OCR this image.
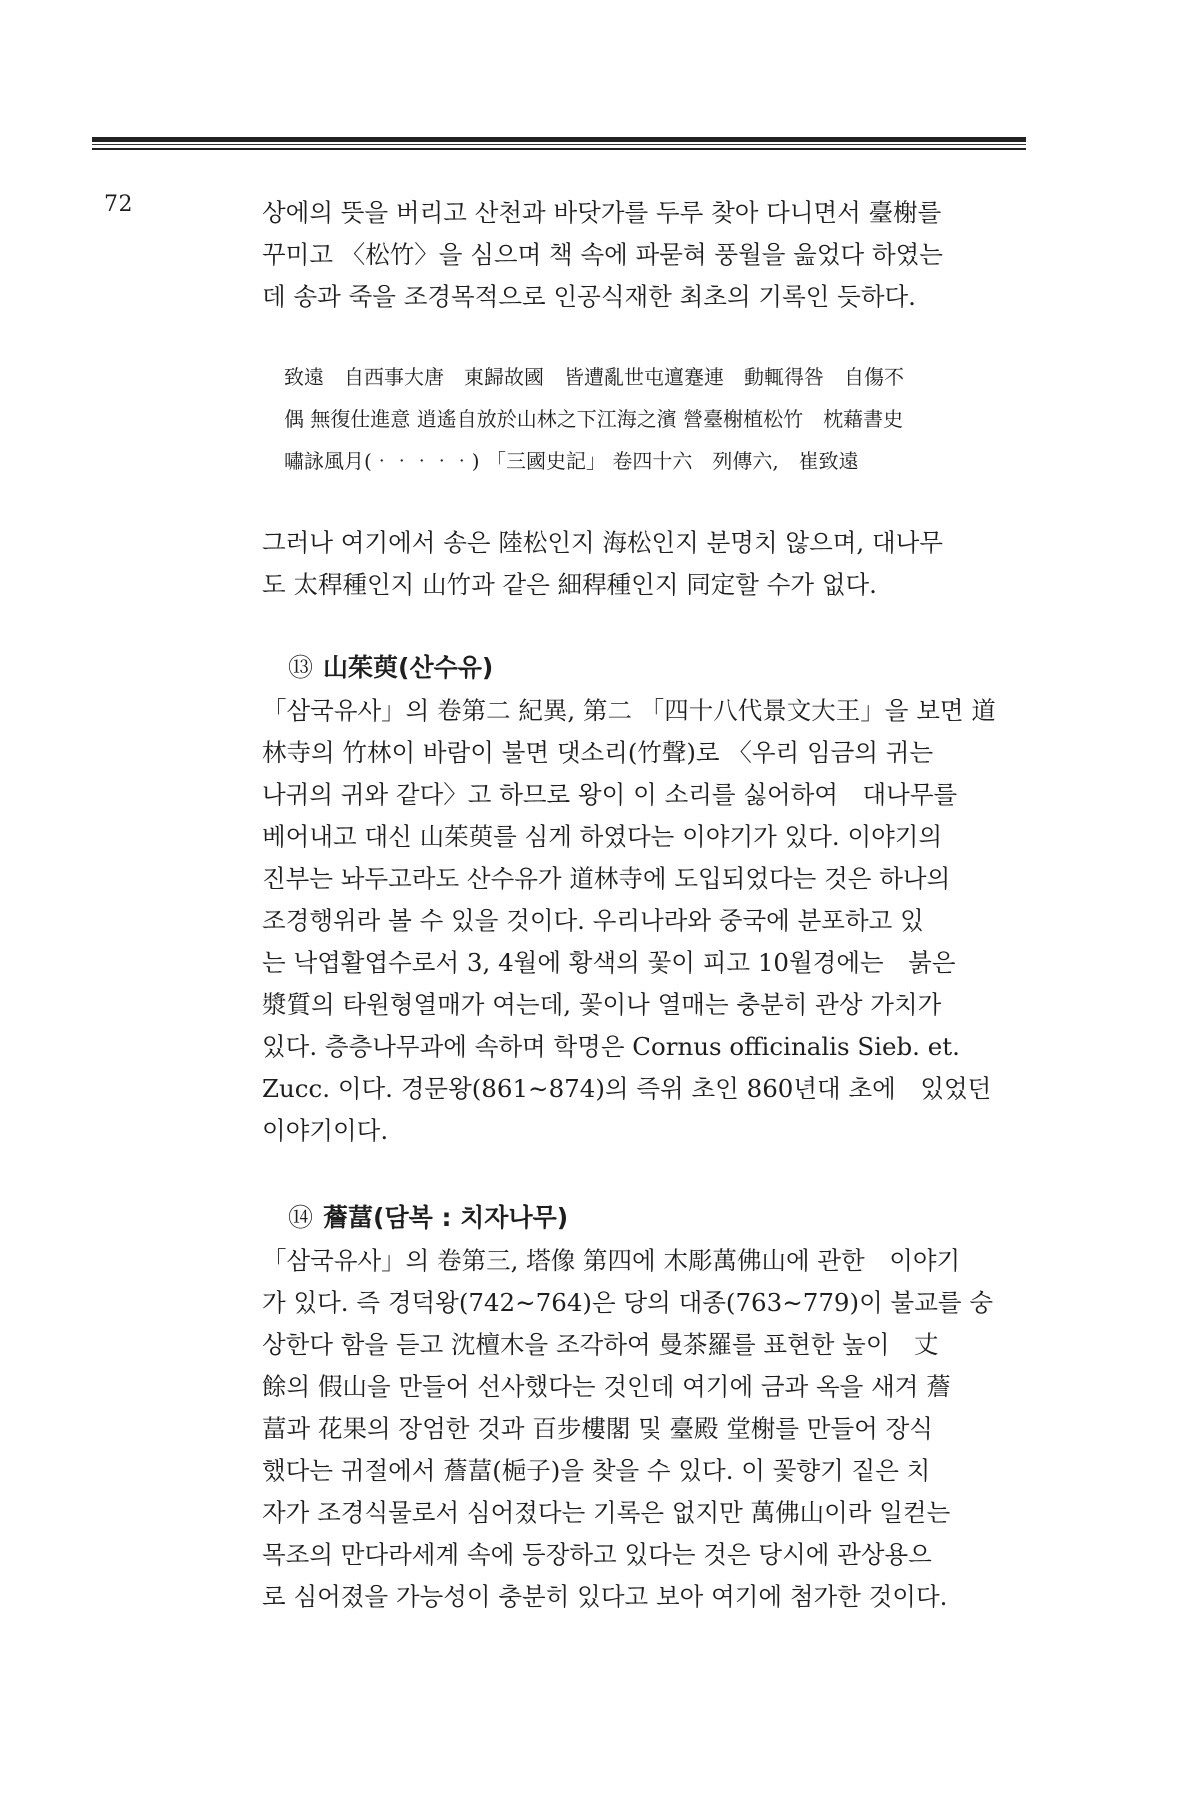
72	상에의 뜻을 버리고 산천과 바닷가를 두루 찾아 다니면서 臺榭를
꾸미고 〈松竹〉을 심으며 책 속에 파묻혀 풍월을 읊었다 하였는
데 송과 죽을 조경목적으로 인공식재한 최초의 기록인 듯하다.

致遠　自西事大唐　東歸故國　皆遭亂世屯邅蹇連　動輒得咎　自傷不
偶 無復仕進意 逍遙自放於山林之下江海之濱 營臺榭植松竹　枕藉書史
嘯詠風月(‧‧‧‧‧) 「三國史記」 卷四十六　列傳六,　崔致遠

그러나 여기에서 송은 陸松인지 海松인지 분명치 않으며, 대나무
도 太稈種인지 山竹과 같은 細稈種인지 同定할 수가 없다.

⑬ 山茱萸(산수유)

「삼국유사」의 卷第二 紀異, 第二 「四十八代景文大王」을 보면 道
林寺의 竹林이 바람이 불면 댓소리(竹聲)로 〈우리 임금의 귀는
나귀의 귀와 같다〉고 하므로 왕이 이 소리를 싫어하여　대나무를
베어내고 대신 山茱萸를 심게 하였다는 이야기가 있다. 이야기의
진부는 놔두고라도 산수유가 道林寺에 도입되었다는 것은 하나의
조경행위라 볼 수 있을 것이다. 우리나라와 중국에 분포하고 있
는 낙엽활엽수로서 3, 4월에 황색의 꽃이 피고 10월경에는　붉은
漿質의 타원형열매가 여는데, 꽃이나 열매는 충분히 관상 가치가
있다. 층층나무과에 속하며 학명은 Cornus officinalis Sieb. et.
Zucc. 이다. 경문왕(861∼874)의 즉위 초인 860년대 초에　있었던
이야기이다.

⑭ 薝葍(담복 : 치자나무)

「삼국유사」의 卷第三, 塔像 第四에 木彫萬佛山에 관한　이야기
가 있다. 즉 경덕왕(742∼764)은 당의 대종(763∼779)이 불교를 숭
상한다 함을 듣고 沈檀木을 조각하여 曼茶羅를 표현한 높이　丈
餘의 假山을 만들어 선사했다는 것인데 여기에 금과 옥을 새겨 薝
葍과 花果의 장엄한 것과 百步樓閣 및 臺殿 堂榭를 만들어 장식
했다는 귀절에서 薝葍(梔子)을 찾을 수 있다. 이 꽃향기 짙은 치
자가 조경식물로서 심어졌다는 기록은 없지만 萬佛山이라 일컫는
목조의 만다라세계 속에 등장하고 있다는 것은 당시에 관상용으
로 심어졌을 가능성이 충분히 있다고 보아 여기에 첨가한 것이다.
